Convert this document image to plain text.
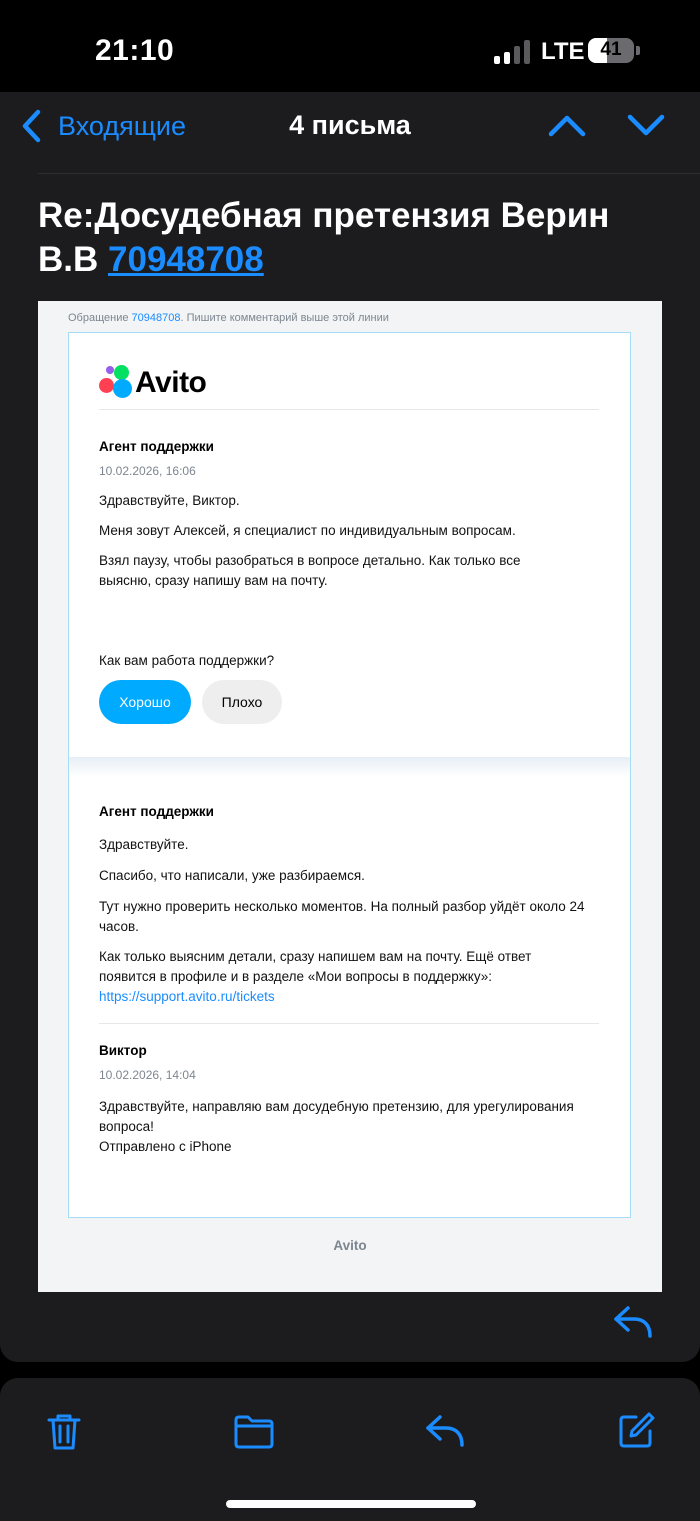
21:10	LTE 41
Входящие	4 письма
Re:Досудебная претензия Верин В.В 70948708
Обращение 70948708. Пишите комментарий выше этой линии
Avito
Агент поддержки
10.02.2026, 16:06
Здравствуйте, Виктор.
Меня зовут Алексей, я специалист по индивидуальным вопросам.
Взял паузу, чтобы разобраться в вопросе детально. Как только все выясню, сразу напишу вам на почту.
Как вам работа поддержки?
Хорошо	Плохо
Агент поддержки
Здравствуйте.
Спасибо, что написали, уже разбираемся.
Тут нужно проверить несколько моментов. На полный разбор уйдёт около 24 часов.
Как только выясним детали, сразу напишем вам на почту. Ещё ответ появится в профиле и в разделе «Мои вопросы в поддержку»: https://support.avito.ru/tickets
Виктор
10.02.2026, 14:04
Здравствуйте, направляю вам досудебную претензию, для урегулирования вопроса!
Отправлено с iPhone
Avito
